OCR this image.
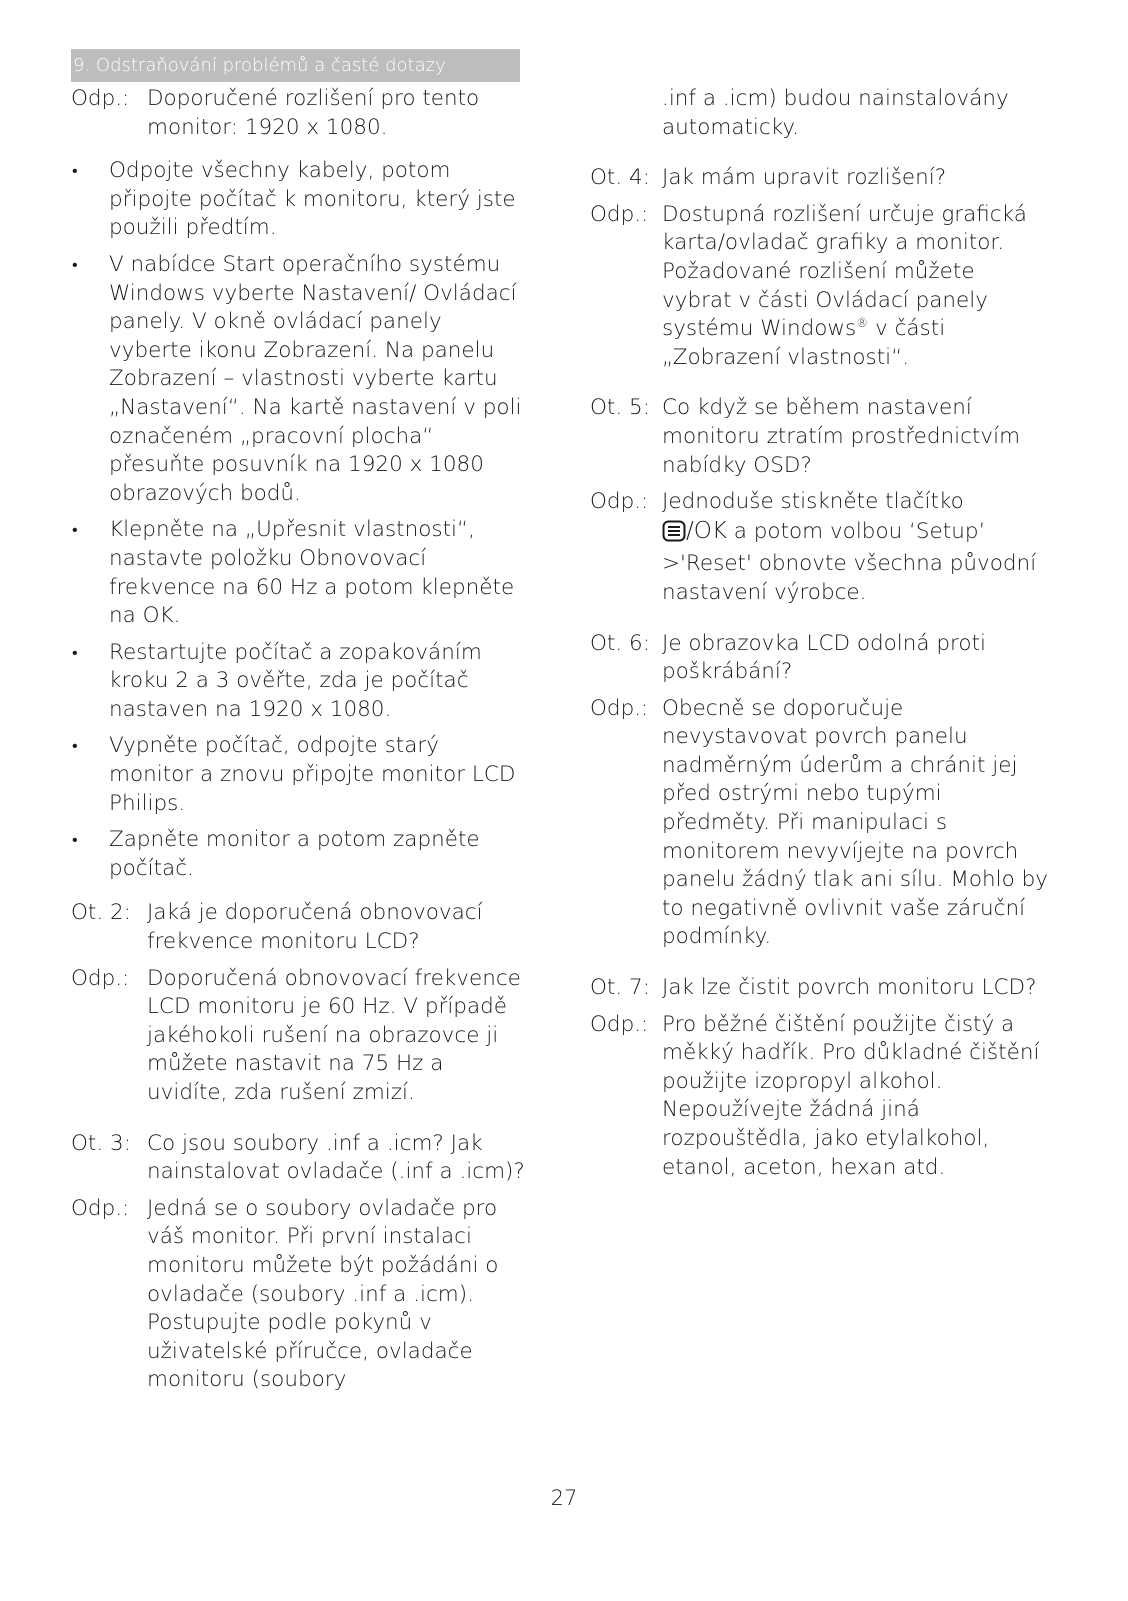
9. Odstraňování problémů a časté dotazy
Odp.: Doporučené rozlišení pro tento monitor: 1920 x 1080.
•	Odpojte všechny kabely, potom připojte počítač k monitoru, který jste použili předtím.
•	V nabídce Start operačního systému Windows vyberte Nastavení/ Ovládací panely. V okně ovládací panely vyberte ikonu Zobrazení. Na panelu Zobrazení – vlastnosti vyberte kartu „Nastavení“. Na kartě nastavení v poli označeném „pracovní plocha“ přesuňte posuvník na 1920 x 1080 obrazových bodů.
•	Klepněte na „Upřesnit vlastnosti“, nastavte položku Obnovovací frekvence na 60 Hz a potom klepněte na OK.
•	Restartujte počítač a zopakováním kroku 2 a 3 ověřte, zda je počítač nastaven na 1920 x 1080.
•	Vypněte počítač, odpojte starý monitor a znovu připojte monitor LCD Philips.
•	Zapněte monitor a potom zapněte počítač.
Ot. 2: Jaká je doporučená obnovovací frekvence monitoru LCD?
Odp.: Doporučená obnovovací frekvence LCD monitoru je 60 Hz. V případě jakéhokoli rušení na obrazovce ji můžete nastavit na 75 Hz a uvidíte, zda rušení zmizí.
Ot. 3: Co jsou soubory .inf a .icm? Jak nainstalovat ovladače (.inf a .icm)?
Odp.: Jedná se o soubory ovladače pro váš monitor. Při první instalaci monitoru můžete být požádáni o ovladače (soubory .inf a .icm). Postupujte podle pokynů v uživatelské příručce, ovladače monitoru (soubory
.inf a .icm) budou nainstalovány automaticky.
Ot. 4: Jak mám upravit rozlišení?
Odp.: Dostupná rozlišení určuje grafická karta/ovladač grafiky a monitor. Požadované rozlišení můžete vybrat v části Ovládací panely systému Windows® v části „Zobrazení vlastnosti“.
Ot. 5: Co když se během nastavení monitoru ztratím prostřednictvím nabídky OSD?
Odp.: Jednoduše stiskněte tlačítko
/OK a potom volbou ‘Setup’ >'Reset' obnovte všechna původní nastavení výrobce.
Ot. 6: Je obrazovka LCD odolná proti poškrábání?
Odp.: Obecně se doporučuje nevystavovat povrch panelu nadměrným úderům a chránit jej před ostrými nebo tupými předměty. Při manipulaci s monitorem nevyvíjejte na povrch panelu žádný tlak ani sílu. Mohlo by to negativně ovlivnit vaše záruční podmínky.
Ot. 7: Jak lze čistit povrch monitoru LCD?
Odp.: Pro běžné čištění použijte čistý a měkký hadřík. Pro důkladné čištění použijte izopropyl alkohol. Nepoužívejte žádná jiná rozpouštědla, jako etylalkohol, etanol, aceton, hexan atd.
27
